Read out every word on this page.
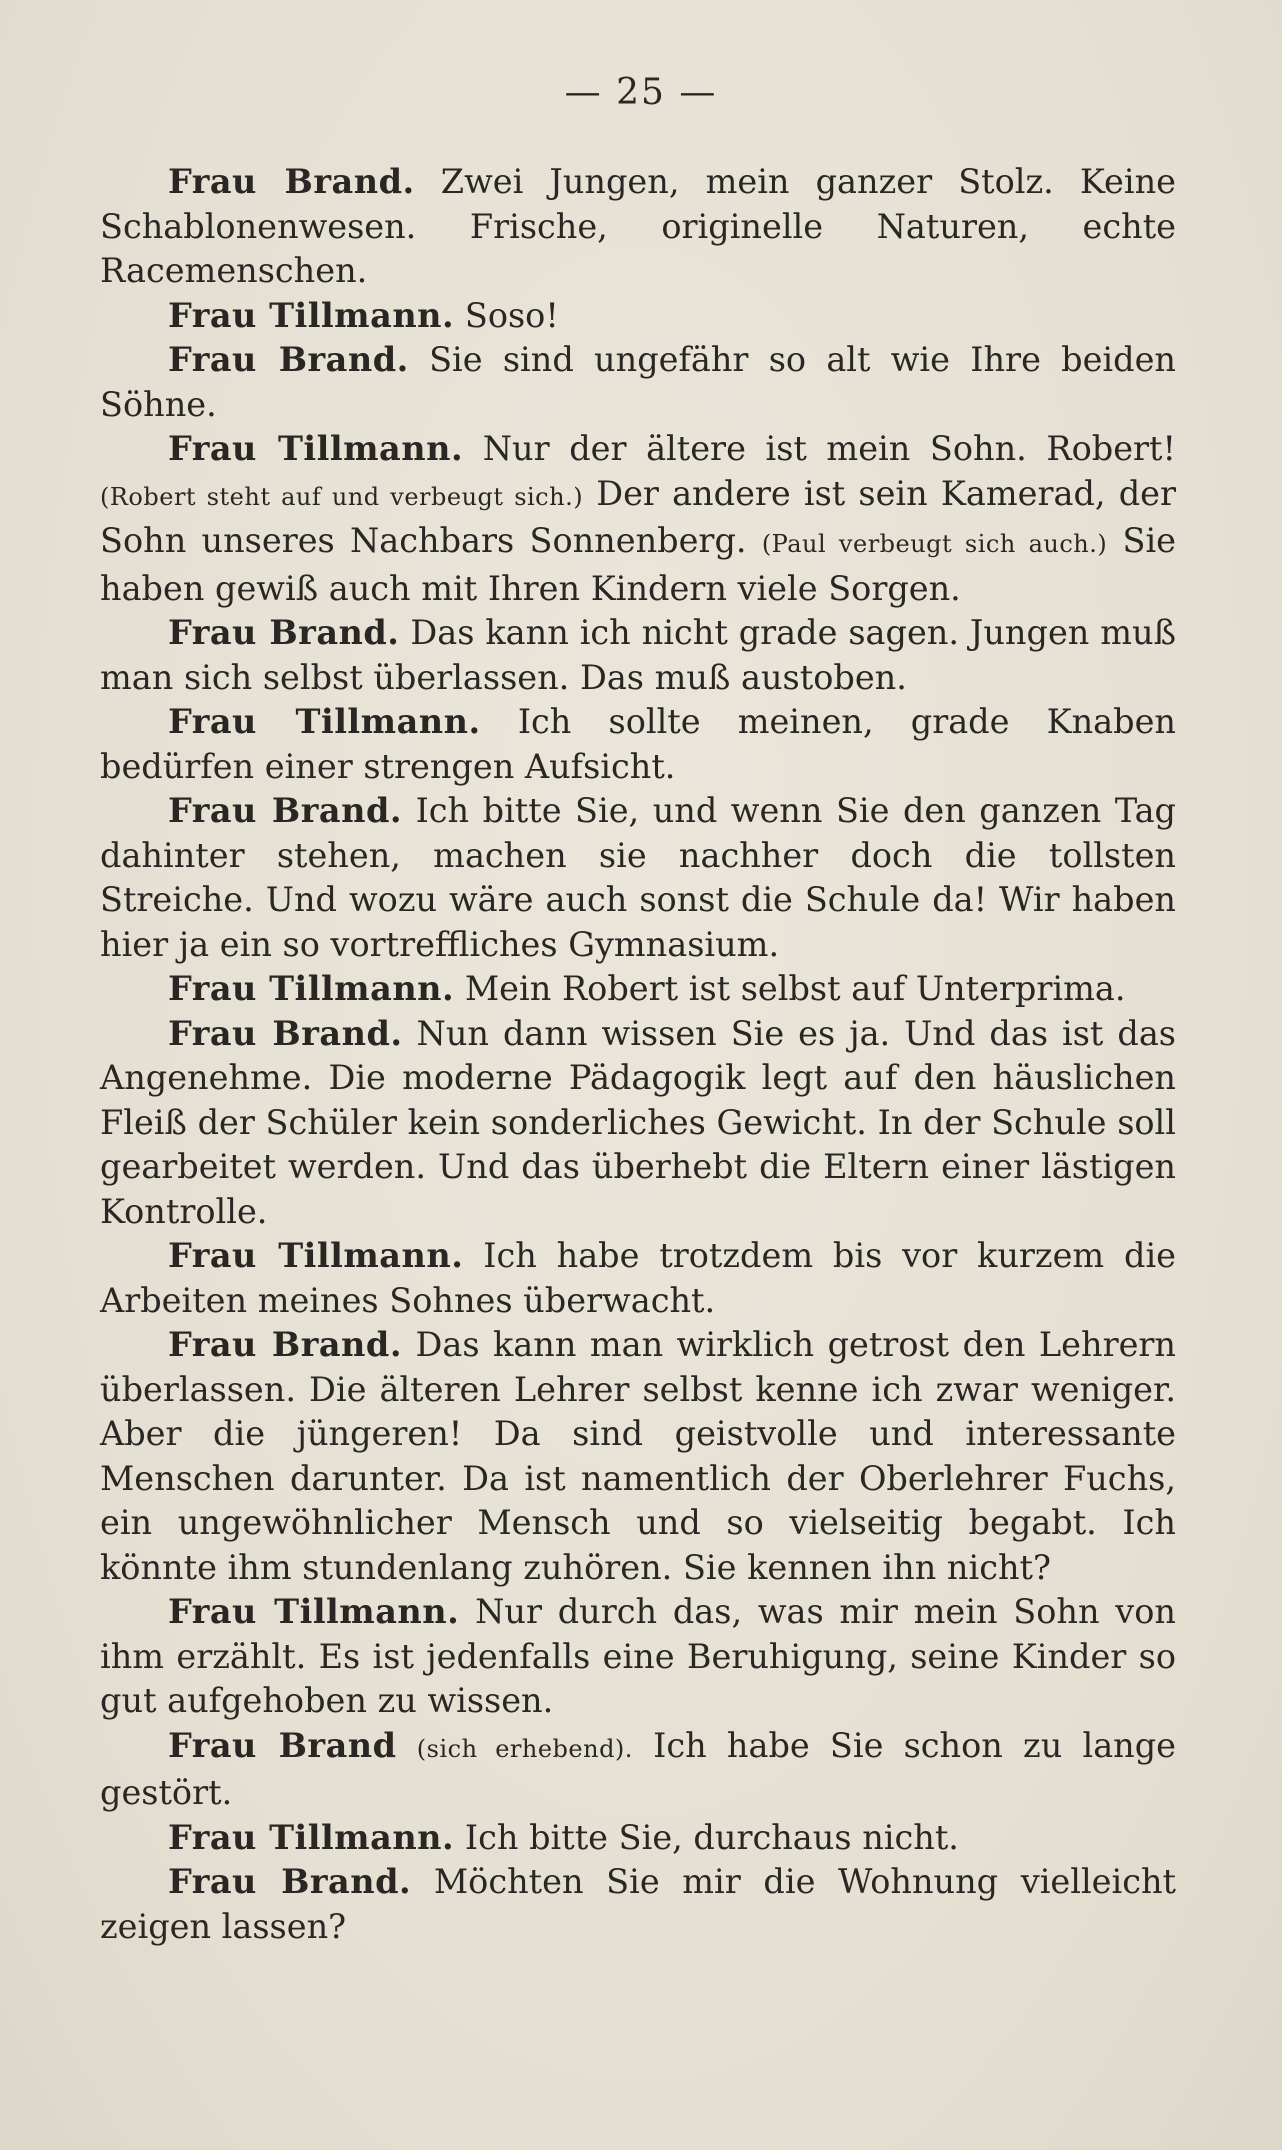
— 25 —

Frau Brand. Zwei Jungen, mein ganzer Stolz. Keine Schablonenwesen. Frische, originelle Naturen, echte Racemenschen.

Frau Tillmann. Soso!

Frau Brand. Sie sind ungefähr so alt wie Ihre beiden Söhne.

Frau Tillmann. Nur der ältere ist mein Sohn. Robert! (Robert steht auf und verbeugt sich.) Der andere ist sein Kamerad, der Sohn unseres Nachbars Sonnenberg. (Paul verbeugt sich auch.) Sie haben gewiß auch mit Ihren Kindern viele Sorgen.

Frau Brand. Das kann ich nicht grade sagen. Jungen muß man sich selbst überlassen. Das muß austoben.

Frau Tillmann. Ich sollte meinen, grade Knaben bedürfen einer strengen Aufsicht.

Frau Brand. Ich bitte Sie, und wenn Sie den ganzen Tag dahinter stehen, machen sie nachher doch die tollsten Streiche. Und wozu wäre auch sonst die Schule da! Wir haben hier ja ein so vortreffliches Gymnasium.

Frau Tillmann. Mein Robert ist selbst auf Unterprima.

Frau Brand. Nun dann wissen Sie es ja. Und das ist das Angenehme. Die moderne Pädagogik legt auf den häuslichen Fleiß der Schüler kein sonderliches Gewicht. In der Schule soll gearbeitet werden. Und das überhebt die Eltern einer lästigen Kontrolle.

Frau Tillmann. Ich habe trotzdem bis vor kurzem die Arbeiten meines Sohnes überwacht.

Frau Brand. Das kann man wirklich getrost den Lehrern überlassen. Die älteren Lehrer selbst kenne ich zwar weniger. Aber die jüngeren! Da sind geistvolle und interessante Menschen darunter. Da ist namentlich der Oberlehrer Fuchs, ein ungewöhnlicher Mensch und so vielseitig begabt. Ich könnte ihm stundenlang zuhören. Sie kennen ihn nicht?

Frau Tillmann. Nur durch das, was mir mein Sohn von ihm erzählt. Es ist jedenfalls eine Beruhigung, seine Kinder so gut aufgehoben zu wissen.

Frau Brand (sich erhebend). Ich habe Sie schon zu lange gestört.

Frau Tillmann. Ich bitte Sie, durchaus nicht.

Frau Brand. Möchten Sie mir die Wohnung vielleicht zeigen lassen?
